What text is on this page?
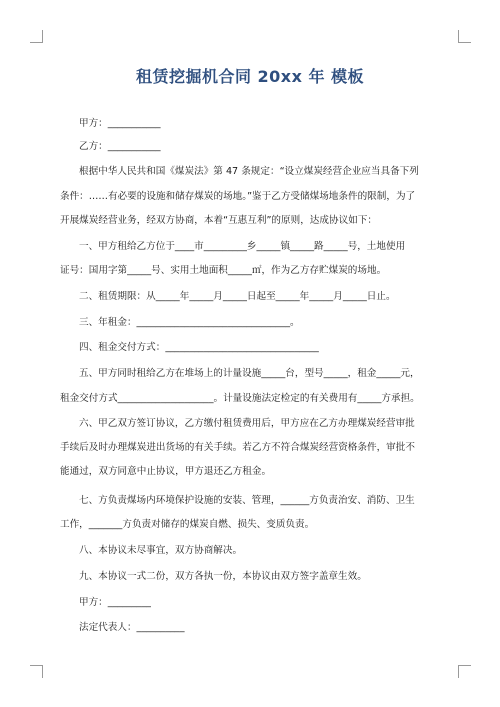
租赁挖掘机合同 20xx 年 模板
甲方：___________
乙方：___________
根据中华人民共和国《煤炭法》第 47 条规定：“设立煤炭经营企业应当具备下列
条件：……有必要的设施和储存煤炭的场地。”鉴于乙方受储煤场地条件的限制，为了
开展煤炭经营业务，经双方协商，本着“互惠互利”的原则，达成协议如下：
一、甲方租给乙方位于____市_________乡_____镇_____路_____号，土地使用
证号：国用字第_____号、实用土地面积_____㎡，作为乙方存贮煤炭的场地。
二、租赁期限：从_____年_____月_____日起至_____年_____月_____日止。
三、年租金：________________________________。
四、租金交付方式：________________________________
五、甲方同时租给乙方在堆场上的计量设施_____台，型号_____，租金_____元，
租金交付方式____________________。计量设施法定检定的有关费用有_____方承担。
六、甲乙双方签订协议，乙方缴付租赁费用后，甲方应在乙方办理煤炭经营审批
手续后及时办理煤炭进出货场的有关手续。若乙方不符合煤炭经营资格条件，审批不
能通过，双方同意中止协议，甲方退还乙方租金。
七、方负责煤场内环境保护设施的安装、管理，______方负责治安、消防、卫生
工作，_______方负责对储存的煤炭自燃、损失、变质负责。
八、本协议未尽事宜，双方协商解决。
九、本协议一式二份，双方各执一份，本协议由双方签字盖章生效。
甲方：_________
法定代表人：__________
